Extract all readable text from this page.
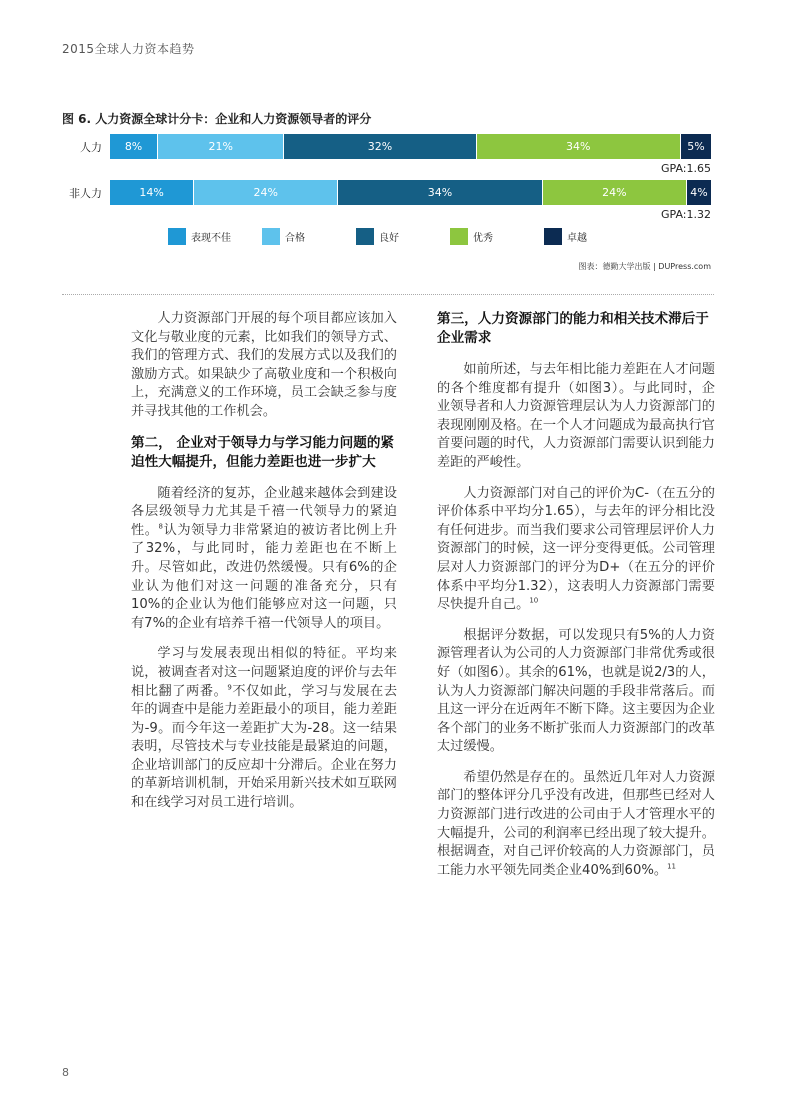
2015全球人力资本趋势
图 6. 人力资源全球计分卡：企业和人力资源领导者的评分
人力	8%	21%	32%	34%	5%
GPA:1.65
非人力	14%	24%	34%	24%	4%
GPA:1.32
表现不佳	合格	良好	优秀	卓越
图表：德勤大学出版 | DUPress.com

人力资源部门开展的每个项目都应该加入文化与敬业度的元素，比如我们的领导方式、我们的管理方式、我们的发展方式以及我们的激励方式。如果缺少了高敬业度和一个积极向上，充满意义的工作环境，员工会缺乏参与度并寻找其他的工作机会。

第二， 企业对于领导力与学习能力问题的紧迫性大幅提升，但能力差距也进一步扩大

随着经济的复苏，企业越来越体会到建设各层级领导力尤其是千禧一代领导力的紧迫性。$^8$认为领导力非常紧迫的被访者比例上升了32%，与此同时，能力差距也在不断上升。尽管如此，改进仍然缓慢。只有6%的企业认为他们对这一问题的准备充分，只有10%的企业认为他们能够应对这一问题，只有7%的企业有培养千禧一代领导人的项目。

学习与发展表现出相似的特征。平均来说，被调查者对这一问题紧迫度的评价与去年相比翻了两番。$^9$不仅如此，学习与发展在去年的调查中是能力差距最小的项目，能力差距为-9。而今年这一差距扩大为-28。这一结果表明，尽管技术与专业技能是最紧迫的问题，企业培训部门的反应却十分滞后。企业在努力的革新培训机制，开始采用新兴技术如互联网和在线学习对员工进行培训。

第三，人力资源部门的能力和相关技术滞后于企业需求

如前所述，与去年相比能力差距在人才问题的各个维度都有提升（如图3）。与此同时，企业领导者和人力资源管理层认为人力资源部门的表现刚刚及格。在一个人才问题成为最高执行官首要问题的时代，人力资源部门需要认识到能力差距的严峻性。

人力资源部门对自己的评价为C-（在五分的评价体系中平均分1.65），与去年的评分相比没有任何进步。而当我们要求公司管理层评价人力资源部门的时候，这一评分变得更低。公司管理层对人力资源部门的评分为D+（在五分的评价体系中平均分1.32），这表明人力资源部门需要尽快提升自己。$^{10}$

根据评分数据，可以发现只有5%的人力资源管理者认为公司的人力资源部门非常优秀或很好（如图6）。其余的61%，也就是说2/3的人，认为人力资源部门解决问题的手段非常落后。而且这一评分在近两年不断下降。这主要因为企业各个部门的业务不断扩张而人力资源部门的改革太过缓慢。

希望仍然是存在的。虽然近几年对人力资源部门的整体评分几乎没有改进，但那些已经对人力资源部门进行改进的公司由于人才管理水平的大幅提升，公司的利润率已经出现了较大提升。根据调查，对自己评价较高的人力资源部门，员工能力水平领先同类企业40%到60%。$^{11}$

8
